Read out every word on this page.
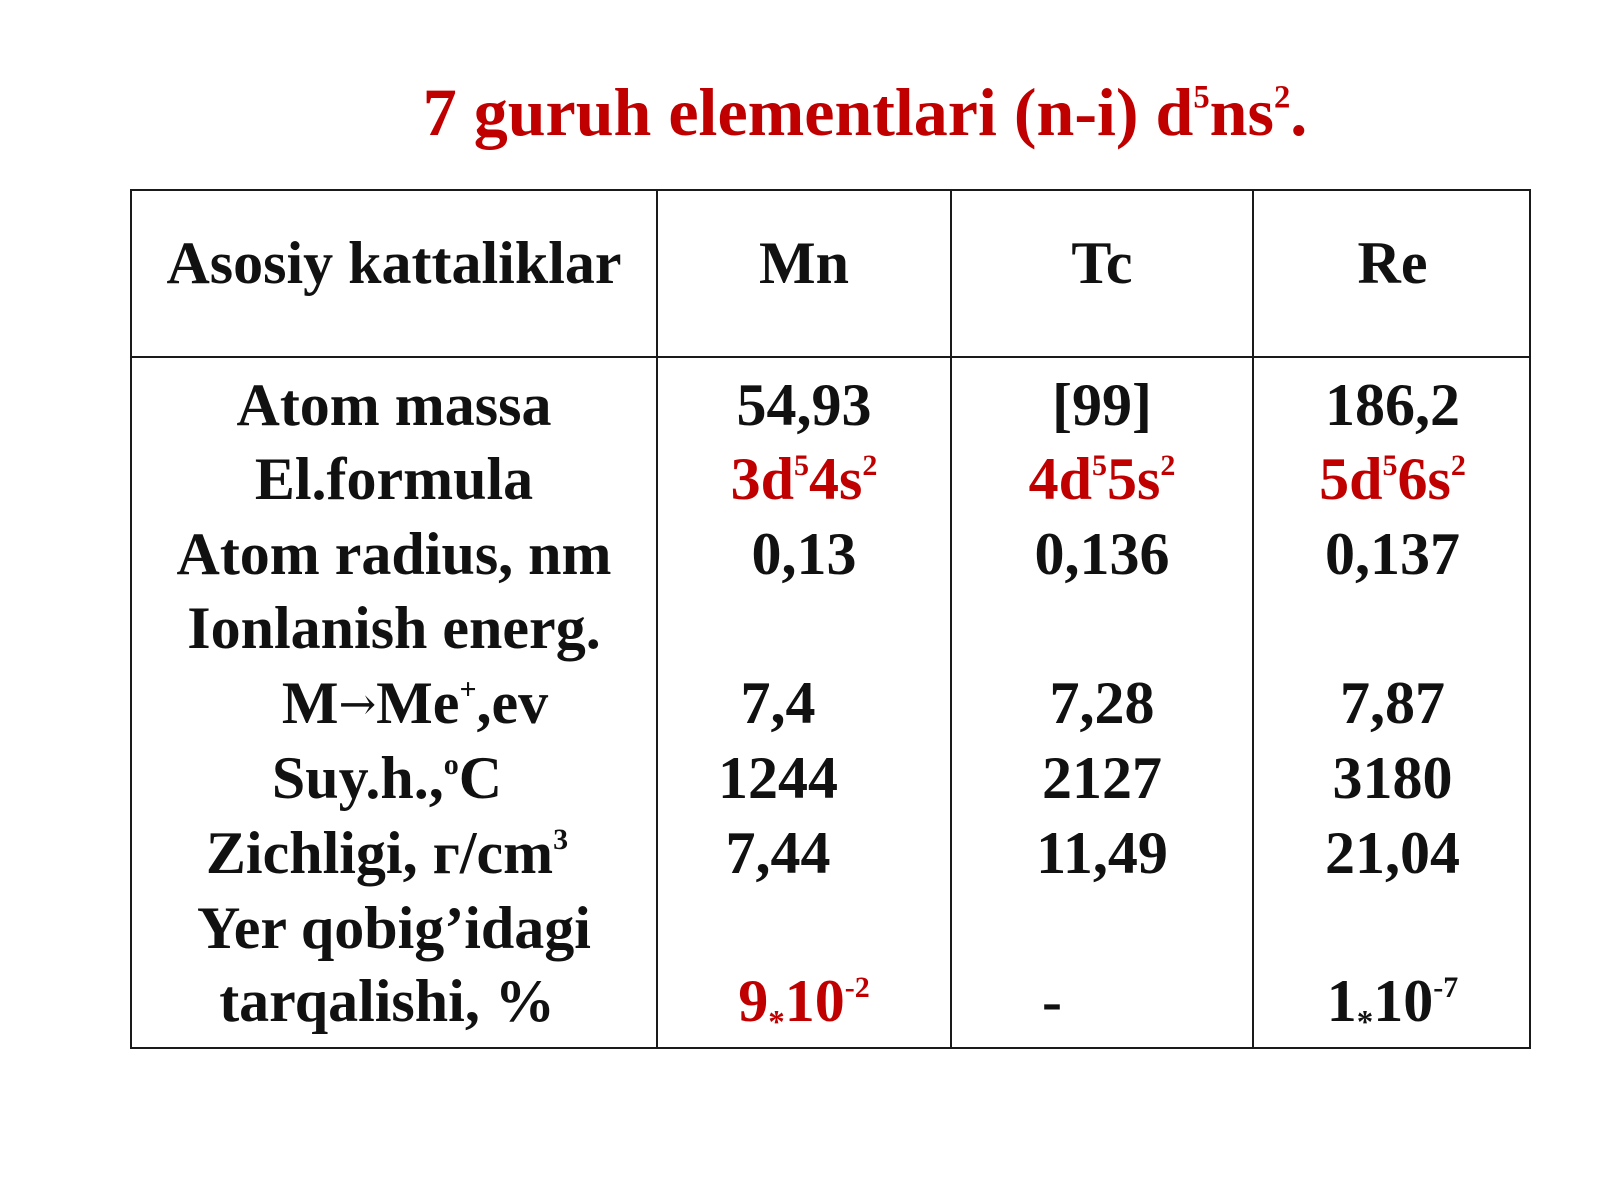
7 guruh elementlari (n-i) $d^5ns^2$.
Asosiy kattaliklar	Mn	Tc	Re
Atom massa	54,93	[99]	186,2
El.formula	$3d^54s^2$	$4d^55s^2$	$5d^56s^2$
Atom radius, nm	0,13	0,136	0,137
Ionlanish energ.
M→Me+,ev	7,4	7,28	7,87
Suy.h.,$^o$C	1244	2127	3180
Zichligi, $г/cm^3$	7,44	11,49	21,04
Yer qobig’idagi
tarqalishi, %	$9_*10^{-2}$	-	$1_*10^{-7}$
